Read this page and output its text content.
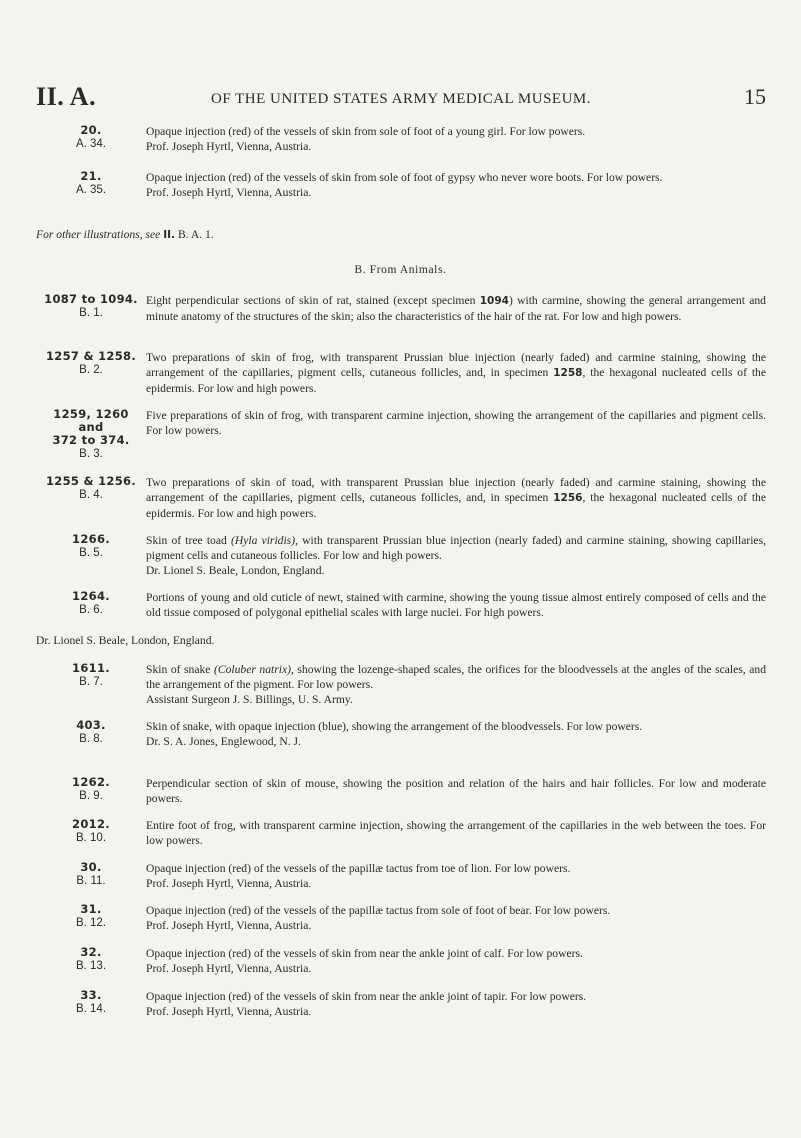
II. A.	OF THE UNITED STATES ARMY MEDICAL MUSEUM.	15
20.
A. 34.

Opaque injection (red) of the vessels of skin from sole of foot of a young girl. For low powers.

Prof. Joseph Hyrtl, Vienna, Austria.

21.
A. 35.

Opaque injection (red) of the vessels of skin from sole of foot of gypsy who never wore boots. For low powers.

Prof. Joseph Hyrtl, Vienna, Austria.

For other illustrations, see II. B. A. 1.
B. From Animals.
1087 to 1094.
B. 1.

Eight perpendicular sections of skin of rat, stained (except specimen 1094) with carmine, showing the general arrangement and minute anatomy of the structures of the skin; also the characteristics of the hair of the rat. For low and high powers.

1257 & 1258.
B. 2.

Two preparations of skin of frog, with transparent Prussian blue injection (nearly faded) and carmine staining, showing the arrangement of the capillaries, pigment cells, cutaneous follicles, and, in specimen 1258, the hexagonal nucleated cells of the epidermis. For low and high powers.

1259, 1260
and
372 to 374.
B. 3.

Five preparations of skin of frog, with transparent carmine injection, showing the arrangement of the capillaries and pigment cells. For low powers.

1255 & 1256.
B. 4.

Two preparations of skin of toad, with transparent Prussian blue injection (nearly faded) and carmine staining, showing the arrangement of the capillaries, pigment cells, cutaneous follicles, and, in specimen 1256, the hexagonal nucleated cells of the epidermis. For low and high powers.

1266.
B. 5.

Skin of tree toad (Hyla viridis), with transparent Prussian blue injection (nearly faded) and carmine staining, showing capillaries, pigment cells and cutaneous follicles. For low and high powers.

Dr. Lionel S. Beale, London, England.

1264.
B. 6.

Portions of young and old cuticle of newt, stained with carmine, showing the young tissue almost entirely composed of cells and the old tissue composed of polygonal epithelial scales with large nuclei. For high powers.

Dr. Lionel S. Beale, London, England.
1611.
B. 7.

Skin of snake (Coluber natrix), showing the lozenge-shaped scales, the orifices for the bloodvessels at the angles of the scales, and the arrangement of the pigment. For low powers.

Assistant Surgeon J. S. Billings, U. S. Army.

403.
B. 8.

Skin of snake, with opaque injection (blue), showing the arrangement of the bloodvessels. For low powers.

Dr. S. A. Jones, Englewood, N. J.

1262.
B. 9.

Perpendicular section of skin of mouse, showing the position and relation of the hairs and hair follicles. For low and moderate powers.

2012.
B. 10.

Entire foot of frog, with transparent carmine injection, showing the arrangement of the capillaries in the web between the toes. For low powers.

30.
B. 11.

Opaque injection (red) of the vessels of the papillæ tactus from toe of lion. For low powers.

Prof. Joseph Hyrtl, Vienna, Austria.

31.
B. 12.

Opaque injection (red) of the vessels of the papillæ tactus from sole of foot of bear. For low powers.

Prof. Joseph Hyrtl, Vienna, Austria.

32.
B. 13.

Opaque injection (red) of the vessels of skin from near the ankle joint of calf. For low powers.

Prof. Joseph Hyrtl, Vienna, Austria.

33.
B. 14.

Opaque injection (red) of the vessels of skin from near the ankle joint of tapir. For low powers.

Prof. Joseph Hyrtl, Vienna, Austria.
